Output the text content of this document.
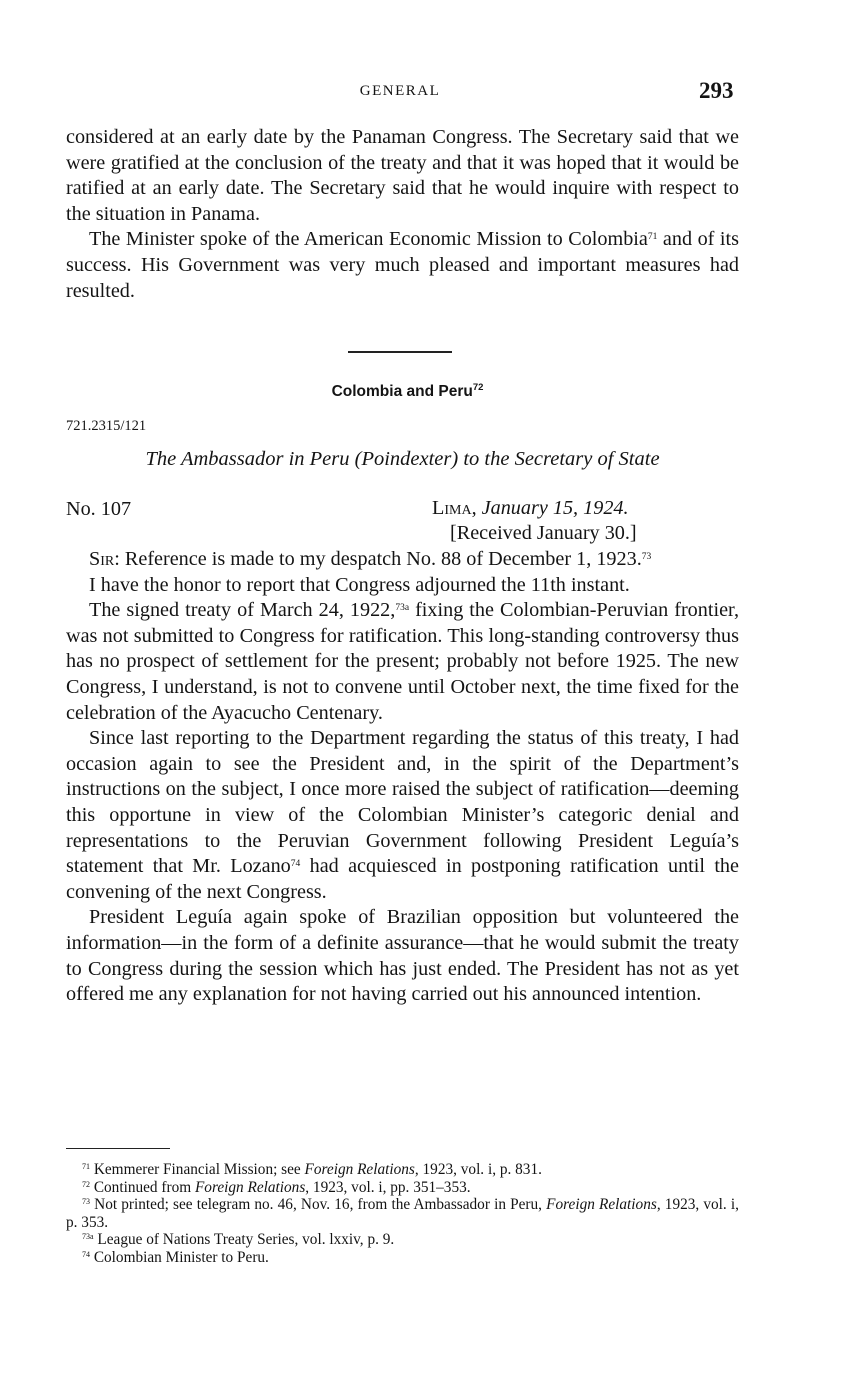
GENERAL	293

considered at an early date by the Panaman Congress. The Secretary said that we were gratified at the conclusion of the treaty and that it was hoped that it would be ratified at an early date. The Secretary said that he would inquire with respect to the situation in Panama.

The Minister spoke of the American Economic Mission to Colombia$^{71}$ and of its success. His Government was very much pleased and important measures had resulted.

Colombia and Peru$^{72}$
721.2315/121
The Ambassador in Peru (Poindexter) to the Secretary of State
No. 107	Lima, January 15, 1924.
[Received January 30.]

Sir: Reference is made to my despatch No. 88 of December 1, 1923.73

I have the honor to report that Congress adjourned the 11th instant.

The signed treaty of March 24, 1922,$^{73a}$ fixing the Colombian-Peruvian frontier, was not submitted to Congress for ratification. This long-standing controversy thus has no prospect of settlement for the present; probably not before 1925. The new Congress, I understand, is not to convene until October next, the time fixed for the celebration of the Ayacucho Centenary.

Since last reporting to the Department regarding the status of this treaty, I had occasion again to see the President and, in the spirit of the Department’s instructions on the subject, I once more raised the subject of ratification—deeming this opportune in view of the Colombian Minister’s categoric denial and representations to the Peruvian Government following President Leguía’s statement that Mr. Lozano$^{74}$ had acquiesced in postponing ratification until the convening of the next Congress.

President Leguía again spoke of Brazilian opposition but volunteered the information—in the form of a definite assurance—that he would submit the treaty to Congress during the session which has just ended. The President has not as yet offered me any explanation for not having carried out his announced intention.

$^{71}$ Kemmerer Financial Mission; see Foreign Relations, 1923, vol. i, p. 831.

$^{72}$ Continued from Foreign Relations, 1923, vol. i, pp. 351–353.

$^{73}$ Not printed; see telegram no. 46, Nov. 16, from the Ambassador in Peru, Foreign Relations, 1923, vol. i, p. 353.

$^{73a}$ League of Nations Treaty Series, vol. lxxiv, p. 9.

$^{74}$ Colombian Minister to Peru.
